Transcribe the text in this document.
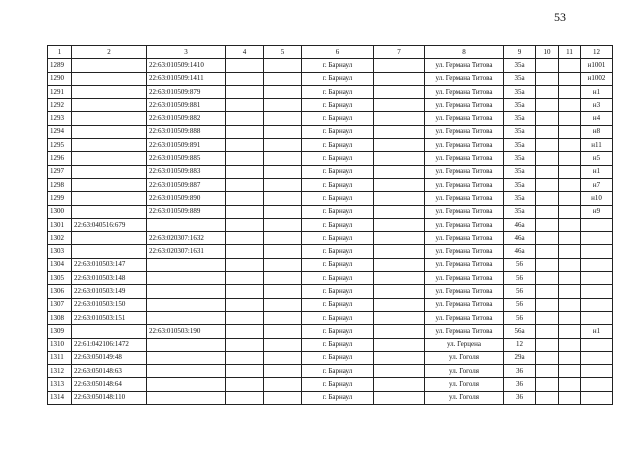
53
1	2	3	4	5	6	7	8	9	10	11	12
1289		22:63:010509:1410			г. Барнаул		ул. Германа Титова	35а			н1001
1290		22:63:010509:1411			г. Барнаул		ул. Германа Титова	35а			н1002
1291		22:63:010509:879			г. Барнаул		ул. Германа Титова	35а			н1
1292		22:63:010509:881			г. Барнаул		ул. Германа Титова	35а			н3
1293		22:63:010509:882			г. Барнаул		ул. Германа Титова	35а			н4
1294		22:63:010509:888			г. Барнаул		ул. Германа Титова	35а			н8
1295		22:63:010509:891			г. Барнаул		ул. Германа Титова	35а			н11
1296		22:63:010509:885			г. Барнаул		ул. Германа Титова	35а			н5
1297		22:63:010509:883			г. Барнаул		ул. Германа Титова	35а			н1
1298		22:63:010509:887			г. Барнаул		ул. Германа Титова	35а			н7
1299		22:63:010509:890			г. Барнаул		ул. Германа Титова	35а			н10
1300		22:63:010509:889			г. Барнаул		ул. Германа Титова	35а			н9
1301	22:63:040516:679				г. Барнаул		ул. Германа Титова	46а			
1302		22:63:020307:1632			г. Барнаул		ул. Германа Титова	46а			
1303		22:63:020307:1631			г. Барнаул		ул. Германа Титова	46а			
1304	22:63:010503:147				г. Барнаул		ул. Германа Титова	56			
1305	22:63:010503:148				г. Барнаул		ул. Германа Титова	56			
1306	22:63:010503:149				г. Барнаул		ул. Германа Титова	56			
1307	22:63:010503:150				г. Барнаул		ул. Германа Титова	56			
1308	22:63:010503:151				г. Барнаул		ул. Германа Титова	56			
1309		22:63:010503:190			г. Барнаул		ул. Германа Титова	56а			н1
1310	22:61:042106:1472				г. Барнаул		ул. Герцена	12			
1311	22:63:050149:48				г. Барнаул		ул. Гоголя	29а			
1312	22:63:050148:63				г. Барнаул		ул. Гоголя	36			
1313	22:63:050148:64				г. Барнаул		ул. Гоголя	36			
1314	22:63:050148:110				г. Барнаул		ул. Гоголя	36			
